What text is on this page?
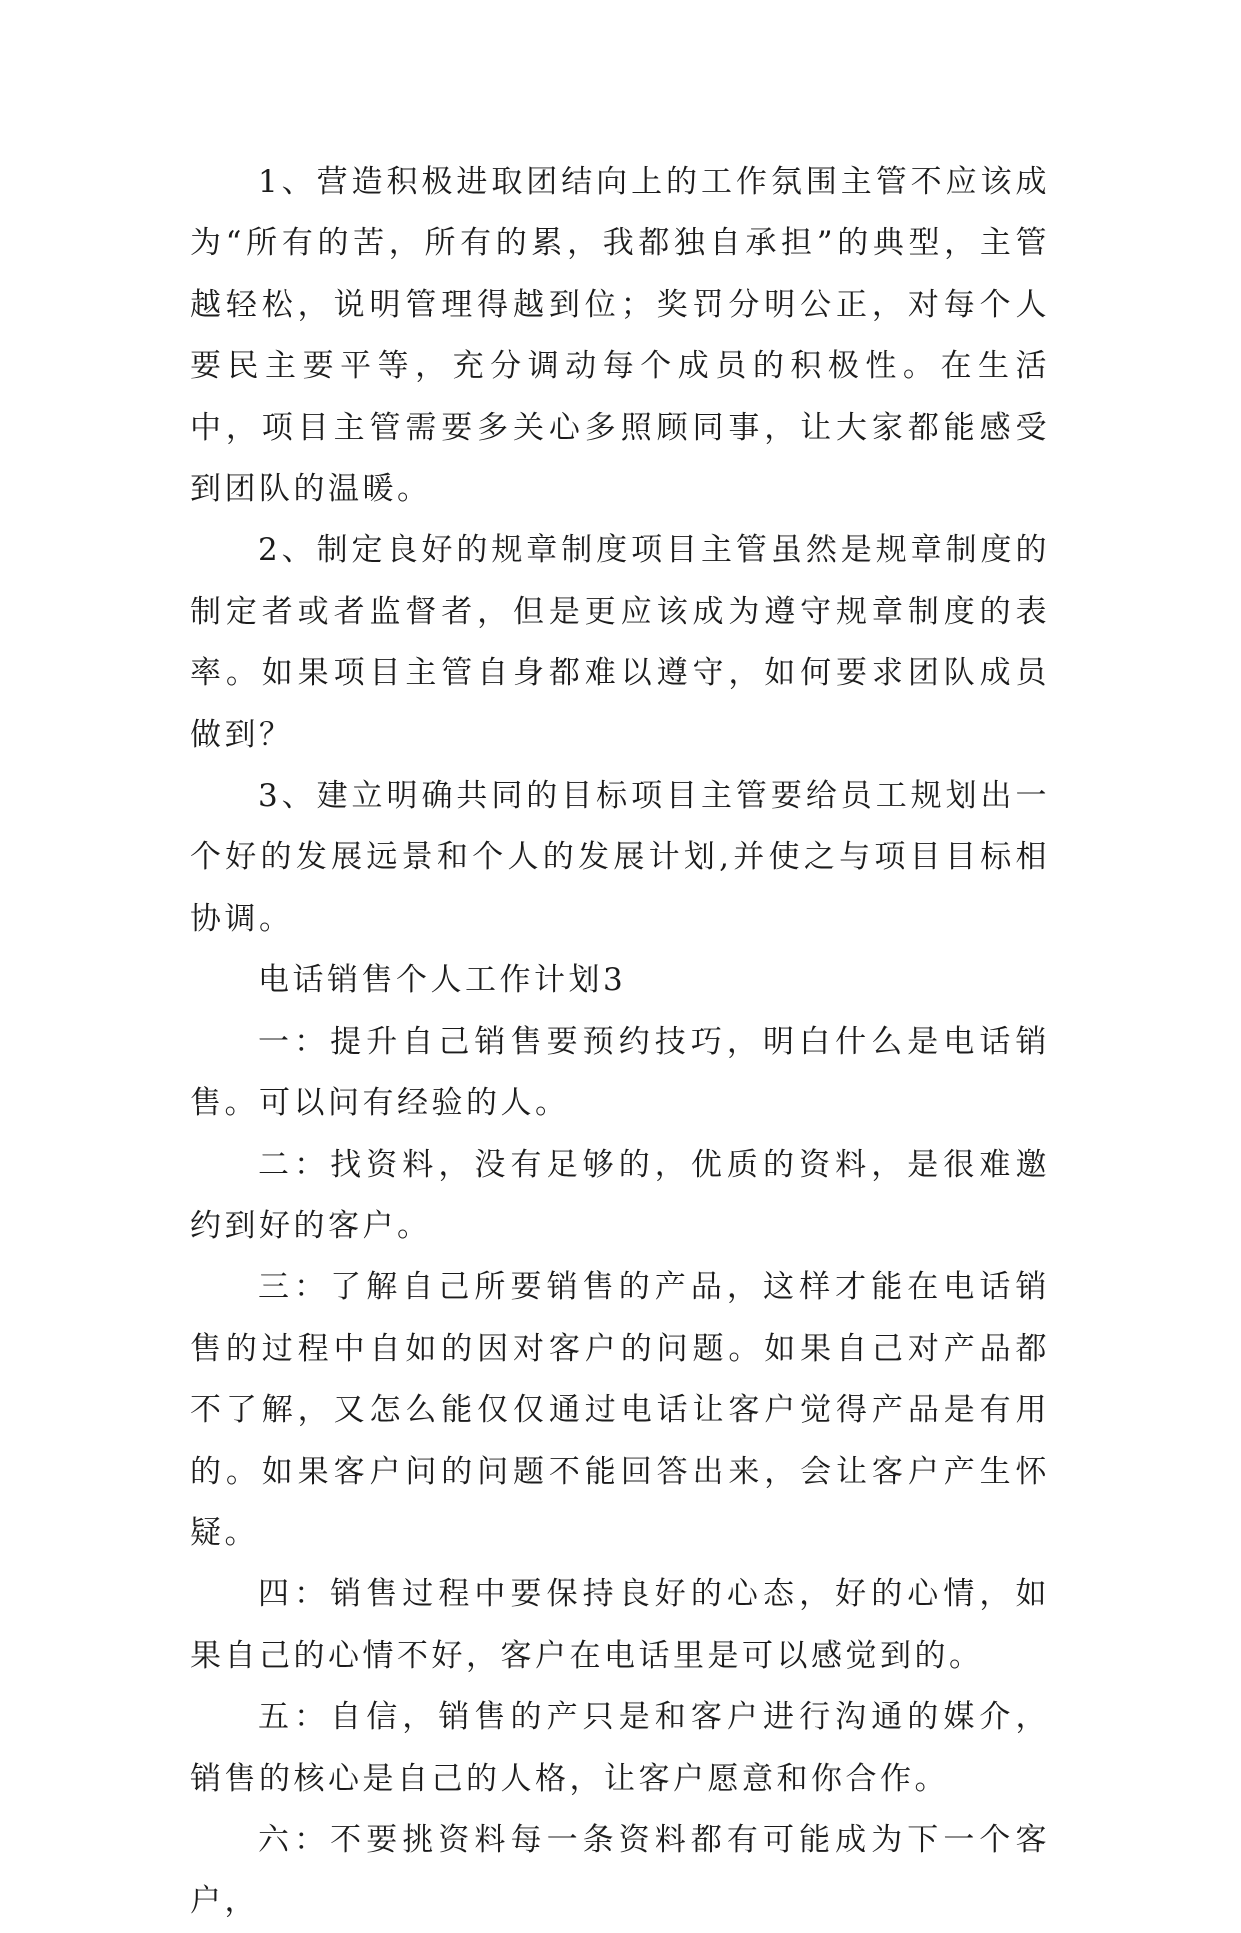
1、营造积极进取团结向上的工作氛围主管不应该成为“所有的苦，所有的累，我都独自承担”的典型，主管越轻松，说明管理得越到位；奖罚分明公正，对每个人要民主要平等，充分调动每个成员的积极性。在生活中，项目主管需要多关心多照顾同事，让大家都能感受到团队的温暖。

2、制定良好的规章制度项目主管虽然是规章制度的制定者或者监督者，但是更应该成为遵守规章制度的表率。如果项目主管自身都难以遵守，如何要求团队成员做到？

3、建立明确共同的目标项目主管要给员工规划出一个好的发展远景和个人的发展计划,并使之与项目目标相协调。

电话销售个人工作计划3

一：提升自己销售要预约技巧，明白什么是电话销售。可以问有经验的人。

二：找资料，没有足够的，优质的资料，是很难邀约到好的客户。

三：了解自己所要销售的产品，这样才能在电话销售的过程中自如的因对客户的问题。如果自己对产品都不了解，又怎么能仅仅通过电话让客户觉得产品是有用的。如果客户问的问题不能回答出来，会让客户产生怀疑。

四：销售过程中要保持良好的心态，好的心情，如果自己的心情不好，客户在电话里是可以感觉到的。

五：自信，销售的产只是和客户进行沟通的媒介，销售的核心是自己的人格，让客户愿意和你合作。

六：不要挑资料每一条资料都有可能成为下一个客户，
